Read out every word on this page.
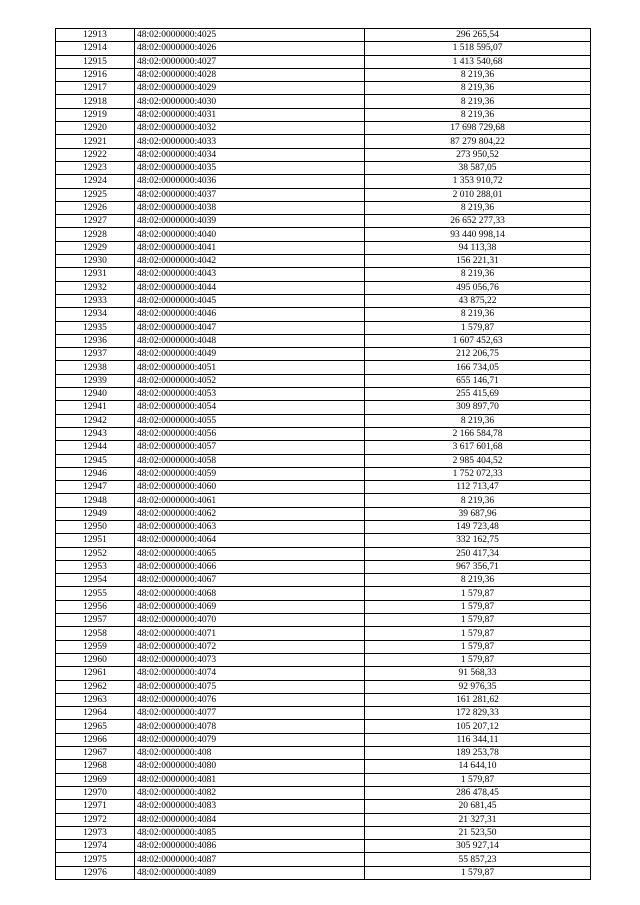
12913	48:02:0000000:4025	296 265,54
12914	48:02:0000000:4026	1 518 595,07
12915	48:02:0000000:4027	1 413 540,68
12916	48:02:0000000:4028	8 219,36
12917	48:02:0000000:4029	8 219,36
12918	48:02:0000000:4030	8 219,36
12919	48:02:0000000:4031	8 219,36
12920	48:02:0000000:4032	17 698 729,68
12921	48:02:0000000:4033	87 279 804,22
12922	48:02:0000000:4034	273 950,52
12923	48:02:0000000:4035	38 587,05
12924	48:02:0000000:4036	1 353 910,72
12925	48:02:0000000:4037	2 010 288,01
12926	48:02:0000000:4038	8 219,36
12927	48:02:0000000:4039	26 652 277,33
12928	48:02:0000000:4040	93 440 998,14
12929	48:02:0000000:4041	94 113,38
12930	48:02:0000000:4042	156 221,31
12931	48:02:0000000:4043	8 219,36
12932	48:02:0000000:4044	495 056,76
12933	48:02:0000000:4045	43 875,22
12934	48:02:0000000:4046	8 219,36
12935	48:02:0000000:4047	1 579,87
12936	48:02:0000000:4048	1 607 452,63
12937	48:02:0000000:4049	212 206,75
12938	48:02:0000000:4051	166 734,05
12939	48:02:0000000:4052	655 146,71
12940	48:02:0000000:4053	255 415,69
12941	48:02:0000000:4054	309 897,70
12942	48:02:0000000:4055	8 219,36
12943	48:02:0000000:4056	2 166 584,78
12944	48:02:0000000:4057	3 617 601,68
12945	48:02:0000000:4058	2 985 404,52
12946	48:02:0000000:4059	1 752 072,33
12947	48:02:0000000:4060	112 713,47
12948	48:02:0000000:4061	8 219,36
12949	48:02:0000000:4062	39 687,96
12950	48:02:0000000:4063	149 723,48
12951	48:02:0000000:4064	332 162,75
12952	48:02:0000000:4065	250 417,34
12953	48:02:0000000:4066	967 356,71
12954	48:02:0000000:4067	8 219,36
12955	48:02:0000000:4068	1 579,87
12956	48:02:0000000:4069	1 579,87
12957	48:02:0000000:4070	1 579,87
12958	48:02:0000000:4071	1 579,87
12959	48:02:0000000:4072	1 579,87
12960	48:02:0000000:4073	1 579,87
12961	48:02:0000000:4074	91 568,33
12962	48:02:0000000:4075	92 976,35
12963	48:02:0000000:4076	161 281,62
12964	48:02:0000000:4077	172 829,33
12965	48:02:0000000:4078	105 207,12
12966	48:02:0000000:4079	116 344,11
12967	48:02:0000000:408	189 253,78
12968	48:02:0000000:4080	14 644,10
12969	48:02:0000000:4081	1 579,87
12970	48:02:0000000:4082	286 478,45
12971	48:02:0000000:4083	20 681,45
12972	48:02:0000000:4084	21 327,31
12973	48:02:0000000:4085	21 523,50
12974	48:02:0000000:4086	305 927,14
12975	48:02:0000000:4087	55 857,23
12976	48:02:0000000:4089	1 579,87
